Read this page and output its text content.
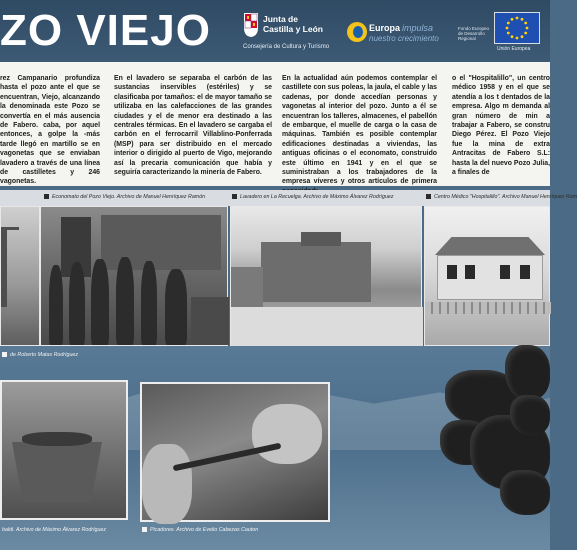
ZO VIEJO	Junta de
Castilla y León
Consejería de Cultura y Turismo
Europa impulsa
nuestro crecimiento
Fondo Europeo de Desarrollo Regional
Unión Europea
rez Campanario profundiza hasta el pozo ante el que se encuentran, Viejo, alcanzando la denominada este Pozo se convertía en el más ausencia de Fabero. caba, por aquel entonces, a golpe la -más tarde llegó en martillo se en vagonetas que se enviaban lavadero a través de una línea de castilletes y 246 vagonetas.
En el lavadero se separaba el carbón de las sustancias inservibles (estériles) y se clasificaba por tamaños: el de mayor tamaño se utilizaba en las calefacciones de las grandes ciudades y el de menor era destinado a las centrales térmicas. En el lavadero se cargaba el carbón en el ferrocarril Villablino-Ponferrada (MSP) para ser distribuido en el mercado interior o dirigido al puerto de Vigo, mejorando así la precaria comunicación que había y seguiría caracterizando la minería de Fabero.
En la actualidad aún podemos contemplar el castillete con sus poleas, la jaula, el cable y las cadenas, por donde accedían personas y vagonetas al interior del pozo. Junto a él se encuentran los talleres, almacenes, el pabellón de embarque, el muelle de carga o la casa de máquinas. También es posible contemplar edificaciones destinadas a viviendas, las antiguas oficinas o el economato, construido este último en 1941 y en el que se suministraban a los trabajadores de la empresa víveres y otros artículos de primera
o el "Hospitalillo", un centro médico 1958 y en el que se atendía a los t dentados de la empresa. Algo m demanda al gran número de min a trabajar a Fabero, se constru Diego Pérez. El Pozo Viejo fue la mina de extra Antracitas de Fabero S.L: hasta la del nuevo Pozo Julia, a finales de
Economato del Pozo Viejo. Archivo de Manuel Henríquez Ramón	Lavadero en La Recuelga. Archivo de Máximo Álvarez Rodríguez	Centro Médico "Hospitalillo". Archivo Manuel Henríquez Ram
de Roberto Matas Rodríguez
baldi. Archivo de Máximo Álvarez Rodríguez	Picadores. Archivo de Evelio Cabezas Cauton
